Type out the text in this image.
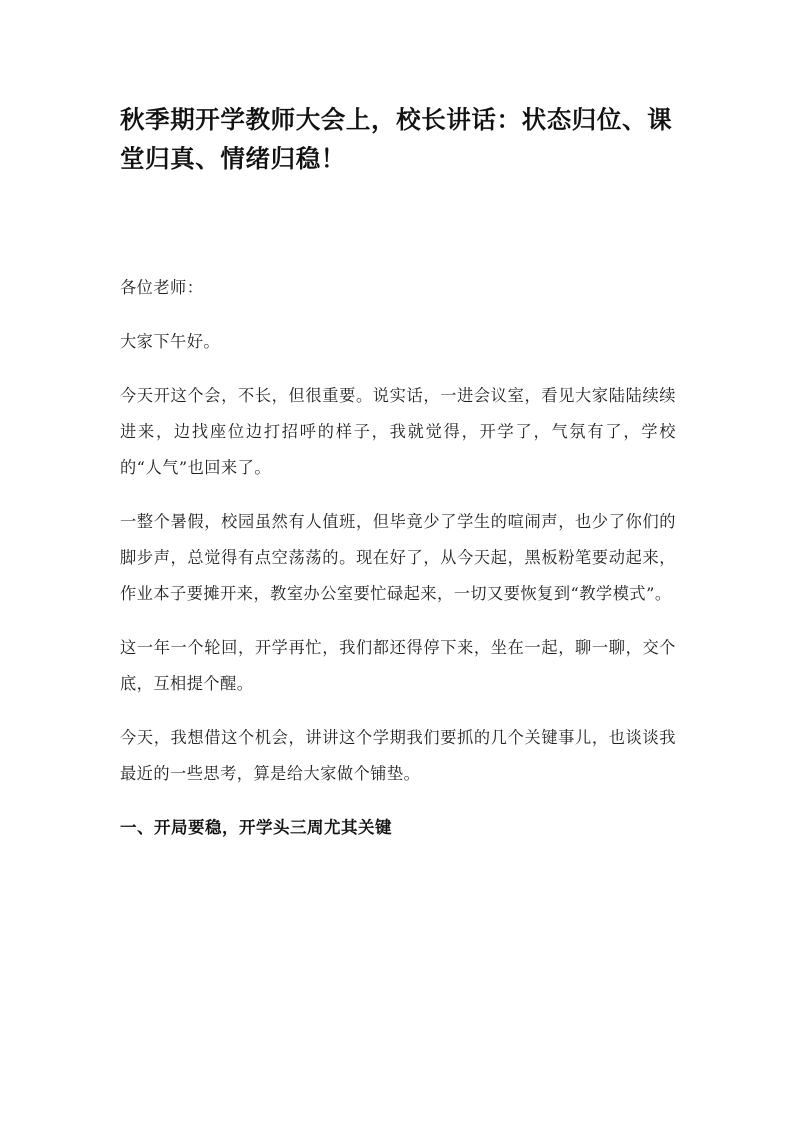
秋季期开学教师大会上，校长讲话：状态归位、课堂归真、情绪归稳！

各位老师：

大家下午好。

今天开这个会，不长，但很重要。说实话，一进会议室，看见大家陆陆续续进来，边找座位边打招呼的样子，我就觉得，开学了，气氛有了，学校的“人气”也回来了。

一整个暑假，校园虽然有人值班，但毕竟少了学生的喧闹声，也少了你们的脚步声，总觉得有点空荡荡的。现在好了，从今天起，黑板粉笔要动起来，作业本子要摊开来，教室办公室要忙碌起来，一切又要恢复到“教学模式”。

这一年一个轮回，开学再忙，我们都还得停下来，坐在一起，聊一聊，交个底，互相提个醒。

今天，我想借这个机会，讲讲这个学期我们要抓的几个关键事儿，也谈谈我最近的一些思考，算是给大家做个铺垫。

一、开局要稳，开学头三周尤其关键
